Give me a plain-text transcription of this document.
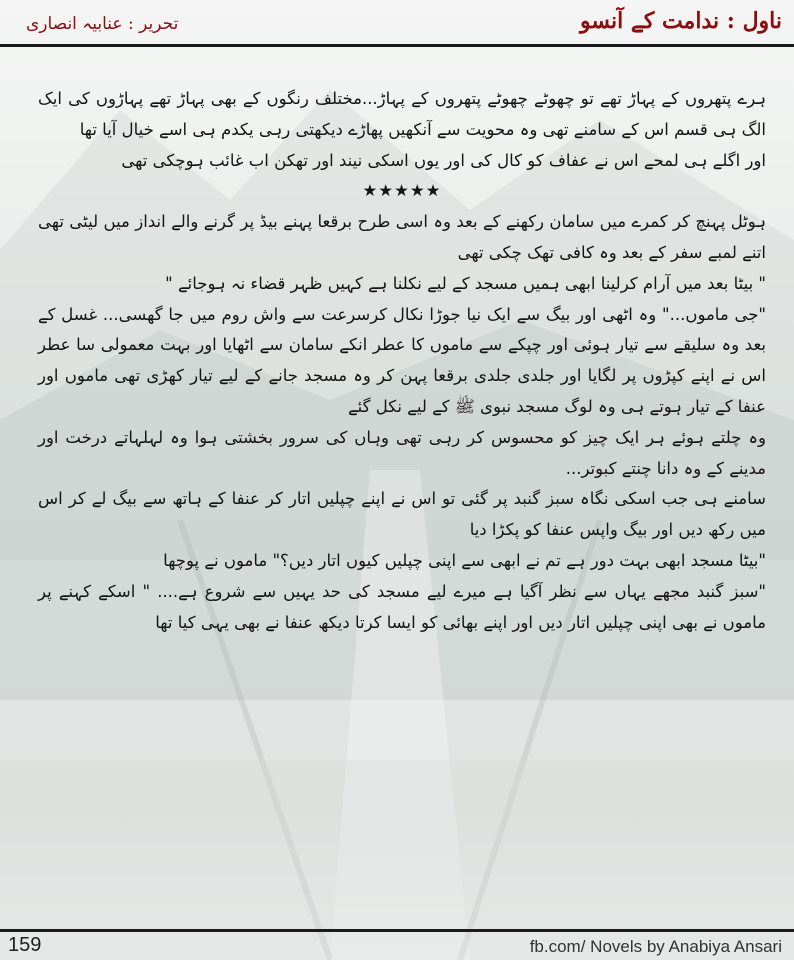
ناول : ندامت کے آنسو
تحریر : عنابیہ انصاری

ہرے پتھروں کے پہاڑ تھے تو چھوٹے چھوٹے پتھروں کے پہاڑ...مختلف رنگوں کے بھی پہاڑ تھے پہاڑوں کی ایک الگ ہی قسم اس کے سامنے تھی وہ محویت سے آنکھیں پھاڑے دیکھتی رہی یکدم ہی اسے خیال آیا تھا

اور اگلے ہی لمحے اس نے عفاف کو کال کی اور یوں اسکی نیند اور تھکن اب غائب ہوچکی تھی

★★★★★

ہوٹل پہنچ کر کمرے میں سامان رکھنے کے بعد وہ اسی طرح برقعا پہنے بیڈ پر گرنے والے انداز میں لیٹی تھی اتنے لمبے سفر کے بعد وہ کافی تھک چکی تھی

" بیٹا بعد میں آرام کرلینا ابھی ہمیں مسجد کے لیے نکلنا ہے کہیں ظہر قضاء نہ ہوجائے "

"جی ماموں..." وہ اٹھی اور بیگ سے ایک نیا جوڑا نکال کرسرعت سے واش روم میں جا گھسی... غسل کے بعد وہ سلیقے سے تیار ہوئی اور چپکے سے ماموں کا عطر انکے سامان سے اٹھایا اور بہت معمولی سا عطر اس نے اپنے کپڑوں پر لگایا اور جلدی جلدی برقعا پہن کر وہ مسجد جانے کے لیے تیار کھڑی تھی ماموں اور عنفا کے تیار ہوتے ہی وہ لوگ مسجد نبوی ﷺ کے لیے نکل گئے

وہ چلتے ہوئے ہر ایک چیز کو محسوس کر رہی تھی وہاں کی سرور بخشتی ہوا وہ لہلہاتے درخت اور مدینے کے وہ دانا چنتے کبوتر...

سامنے ہی جب اسکی نگاہ سبز گنبد پر گئی تو اس نے اپنے چپلیں اتار کر عنفا کے ہاتھ سے بیگ لے کر اس میں رکھ دیں اور بیگ واپس عنفا کو پکڑا دیا

"بیٹا مسجد ابھی بہت دور ہے تم نے ابھی سے اپنی چپلیں کیوں اتار دیں؟" ماموں نے پوچھا

"سبز گنبد مجھے یہاں سے نظر آگیا ہے میرے لیے مسجد کی حد یہیں سے شروع ہے.... " اسکے کہنے پر ماموں نے بھی اپنی چپلیں اتار دیں اور اپنے بھائی کو ایسا کرتا دیکھ عنفا نے بھی یہی کیا تھا

159	fb.com/ Novels by Anabiya Ansari
